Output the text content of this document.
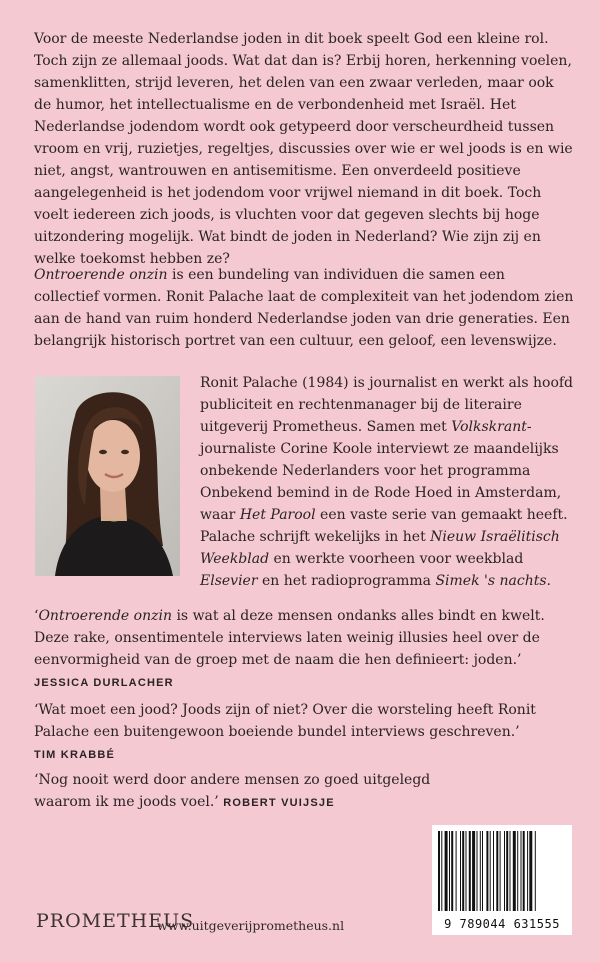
Voor de meeste Nederlandse joden in dit boek speelt God een kleine rol. Toch zijn ze allemaal joods. Wat dat dan is? Erbij horen, herkenning voelen, samenklitten, strijd leveren, het delen van een zwaar verleden, maar ook de humor, het intellectualisme en de verbondenheid met Israël. Het Nederlandse jodendom wordt ook getypeerd door verscheurdheid tussen vroom en vrij, ruzietjes, regeltjes, discussies over wie er wel joods is en wie niet, angst, wantrouwen en antisemitisme. Een onverdeeld positieve aangelegenheid is het jodendom voor vrijwel niemand in dit boek. Toch voelt iedereen zich joods, is vluchten voor dat gegeven slechts bij hoge uitzondering mogelijk. Wat bindt de joden in Nederland? Wie zijn zij en welke toekomst hebben ze?

Ontroerende onzin is een bundeling van individuen die samen een collectief vormen. Ronit Palache laat de complexiteit van het jodendom zien aan de hand van ruim honderd Nederlandse joden van drie generaties. Een belangrijk historisch portret van een cultuur, een geloof, een levenswijze.

Ronit Palache (1984) is journalist en werkt als hoofd publiciteit en rechtenmanager bij de literaire uitgeverij Prometheus. Samen met Volkskrant-journaliste Corine Koole interviewt ze maandelijks onbekende Nederlanders voor het programma Onbekend bemind in de Rode Hoed in Amsterdam, waar Het Parool een vaste serie van gemaakt heeft. Palache schrijft wekelijks in het Nieuw Israëlitisch Weekblad en werkte voorheen voor weekblad Elsevier en het radioprogramma Simek 's nachts.

‘Ontroerende onzin is wat al deze mensen ondanks alles bindt en kwelt. Deze rake, onsentimentele interviews laten weinig illusies heel over de eenvormigheid van de groep met de naam die hen definieert: joden.’
JESSICA DURLACHER

‘Wat moet een jood? Joods zijn of niet? Over die worsteling heeft Ronit Palache een buitengewoon boeiende bundel interviews geschreven.’
TIM KRABBÉ

‘Nog nooit werd door andere mensen zo goed uitgelegd waarom ik me joods voel.’ ROBERT VUIJSJE

9 789044 631555
PROMETHEUS
www.uitgeverijprometheus.nl
